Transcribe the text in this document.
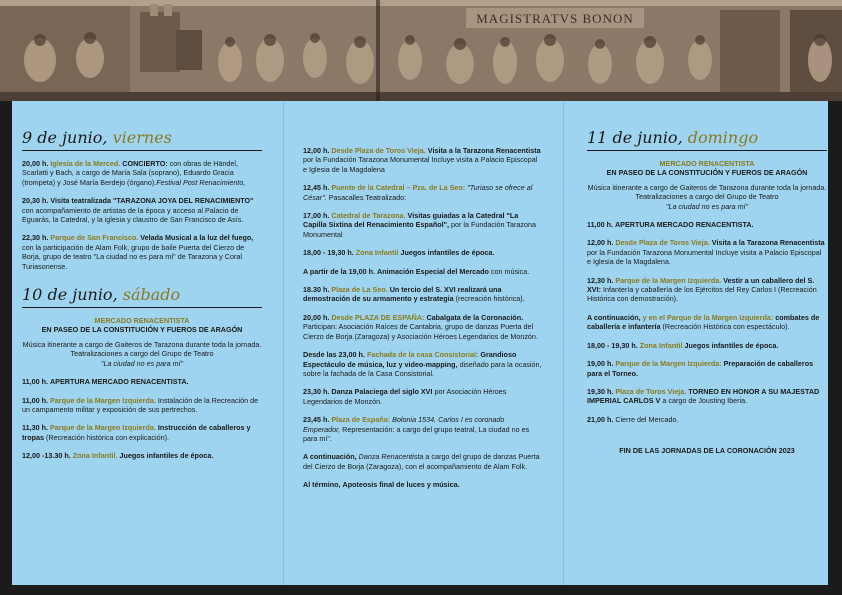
MAGISTRATVS BONON
9 de junio, viernes
20,00 h. Iglesia de la Merced. CONCIERTO: con obras de Händel, Scarlatti y Bach, a cargo de María Sala (soprano), Eduardo Gracia (trompeta) y José María Berdejo (órgano).Festival Post Renacimiento,
20,30 h. Visita teatralizada "TARAZONA JOYA DEL RENACIMIENTO" con acompañamiento de artistas de la época y acceso al Palacio de Eguarás, la Catedral, y la iglesia y claustro de San Francisco de Asís.
22,30 h. Parque de San Francisco. Velada Musical a la luz del fuego, con la participación de Alam Folk, grupo de baile Puerta del Cierzo de Borja, grupo de teatro "La ciudad no es para mí" de Tarazona y Coral Turiasonense.
10 de junio, sábado
MERCADO RENACENTISTA
EN PASEO DE LA CONSTITUCIÓN Y FUEROS DE ARAGÓN
Música itinerante a cargo de Gaiteros de Tarazona durante toda la jornada. Teatralizaciones a cargo del Grupo de Teatro
"La ciudad no es para mí"
11,00 h. APERTURA MERCADO RENACENTISTA.
11,00 h. Parque de la Margen Izquierda. Instalación de la Recreación de un campamento militar y exposición de sus pertrechos.
11,30 h. Parque de la Margen Izquierda. Instrucción de caballeros y tropas (Recreación histórica con explicación).
12,00 -13.30 h. Zona Infantil. Juegos infantiles de época.
12,00 h. Desde Plaza de Toros Vieja. Visita a la Tarazona Renacentista por la Fundación Tarazona Monumental Incluye visita a Palacio Episcopal e Iglesia de la Magdalena
12,45 h. Puente de la Catedral – Pza. de La Seo: "Turiaso se ofrece al César". Pasacalles Teatralizado:
17,00 h. Catedral de Tarazona. Visitas guiadas a la Catedral "La Capilla Sixtina del Renacimiento Español", por la Fundación Tarazona Monumental
18,00 - 19,30 h. Zona Infantil Juegos infantiles de época.
A partir de la 19,00 h. Animación Especial del Mercado con música.
18.30 h. Plaza de La Seo. Un tercio del S. XVI realizará una demostración de su armamento y estrategia (recreación histórica).
20,00 h. Desde PLAZA DE ESPAÑA: Cabalgata de la Coronación. Participan: Asociación Raíces de Cantabria, grupo de danzas Puerta del Cierzo de Borja (Zaragoza) y Asociación Héroes Legendarios de Monzón.
Desde las 23,00 h. Fachada de la casa Consistorial: Grandioso Espectáculo de música, luz y video-mapping, diseñado para la ocasión, sobre la fachada de la Casa Consistorial.
23,30 h. Danza Palaciega del siglo XVI por Asociación Héroes Legendarios de Monzón.
23,45 h. Plaza de España: Bolonia 1534, Carlos I es coronado Emperador, Representación: a cargo del grupo teatral, La ciudad no es para mí".
A continuación, Danza Renacentista a cargo del grupo de danzas Puerta del Cierzo de Borja (Zaragoza), con el acompañamiento de Alam Folk.
Al término, Apoteosis final de luces y música.
11 de junio, domingo
MERCADO RENACENTISTA
EN PASEO DE LA CONSTITUCIÓN Y FUEROS DE ARAGÓN
Música itinerante a cargo de Gaiteros de Tarazona durante toda la jornada. Teatralizaciones a cargo del Grupo de Teatro
"La ciudad no es para mí"
11,00 h. APERTURA MERCADO RENACENTISTA.
12,00 h. Desde Plaza de Toros Vieja. Visita a la Tarazona Renacentista por la Fundación Tarazona Monumental Incluye visita a Palacio Episcopal e Iglesia de la Magdalena.
12,30 h. Parque de la Margen Izquierda. Vestir a un caballero del S. XVI: Infantería y caballería de los Ejércitos del Rey Carlos I (Recreación Histórica con demostración).
A continuación, y en el Parque de la Margen Izquierda: combates de caballería e infantería (Recreación Histórica con espectáculo).
18,00 - 19,30 h. Zona Infantil Juegos infantiles de época.
19,00 h. Parque de la Margen Izquierda: Preparación de caballeros para el Torneo.
19,30 h. Plaza de Toros Vieja. TORNEO EN HONOR A SU MAJESTAD IMPERIAL CARLOS V a cargo de Jousting Iberia.
21,00 h. Cierre del Mercado.
FIN DE LAS JORNADAS DE LA CORONACIÓN 2023
